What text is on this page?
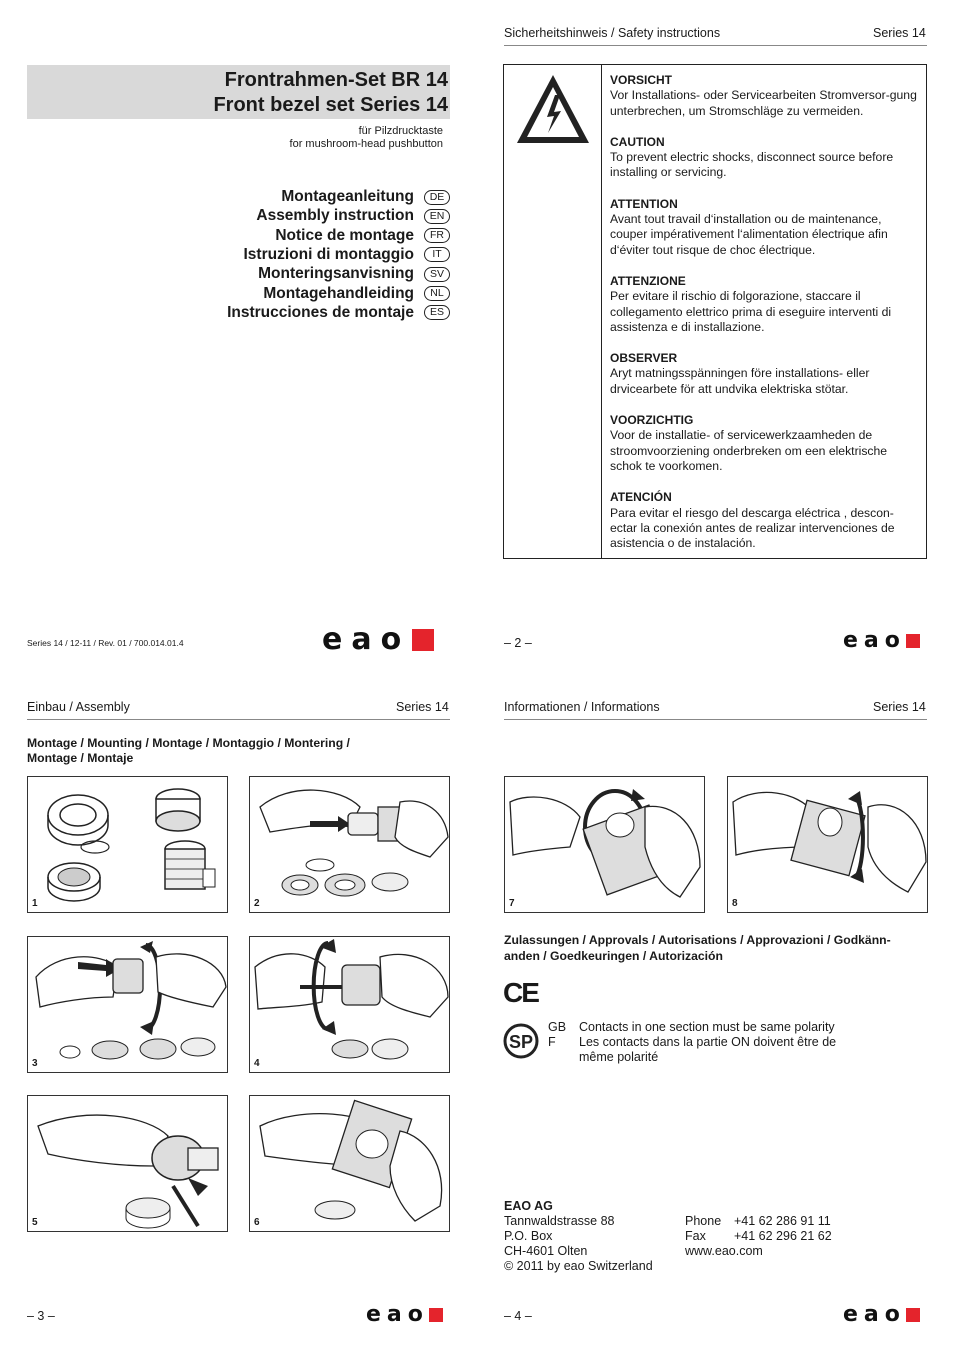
Frontrahmen-Set BR 14
Front bezel set Series 14
für Pilzdrucktaste
for mushroom-head pushbutton
Montageanleitung	DE
Assembly instruction	EN
Notice de montage	FR
Istruzioni di montaggio	IT
Monteringsanvisning	SV
Montagehandleiding	NL
Instrucciones de montaje	ES
Series 14 / 12-11 / Rev. 01 / 700.014.01.4	eao
Sicherheitshinweis / Safety instructions	Series 14

VORSICHT
Vor Installations- oder Servicearbeiten Stromversor-gung unterbrechen, um Stromschläge zu vermeiden.

CAUTION
To prevent electric shocks, disconnect source before installing or servicing.

ATTENTION
Avant tout travail d‘installation ou de maintenance, couper impérativement l‘alimentation électrique afin d‘éviter tout risque de choc électrique.

ATTENZIONE
Per evitare il rischio di folgorazione, staccare il collegamento elettrico prima di eseguire interventi di assistenza e di installazione.

OBSERVER
Aryt matningsspänningen före installations- eller drvicearbete för att undvika elektriska stötar.

VOORZICHTIG
Voor de installatie- of servicewerkzaamheden de stroomvoorziening onderbreken om een elektrische schok te voorkomen.

ATENCIÓN
Para evitar el riesgo del descarga eléctrica , descon-ectar la conexión antes de realizar intervenciones de asistencia o de instalación.

– 2 –	eao
Einbau / Assembly	Series 14
Montage / Mounting / Montage / Montaggio / Montering /
Montage / Montaje
1	2
3	4
5	6
– 3 –	eao
Informationen / Informations	Series 14
7	8
Zulassungen / Approvals / Autorisations / Approvazioni / Godkänn-
anden / Goedkeuringen / Autorización
CE
SP
GB	Contacts in one section must be same polarity
F	Les contacts dans la partie ON doivent être de même polarité
EAO AG
Tannwaldstrasse 88
P.O. Box
CH-4601 Olten
© 2011 by eao Switzerland
Phone	+41 62 286 91 11
Fax	+41 62 296 21 62
www.eao.com
– 4 –	eao
